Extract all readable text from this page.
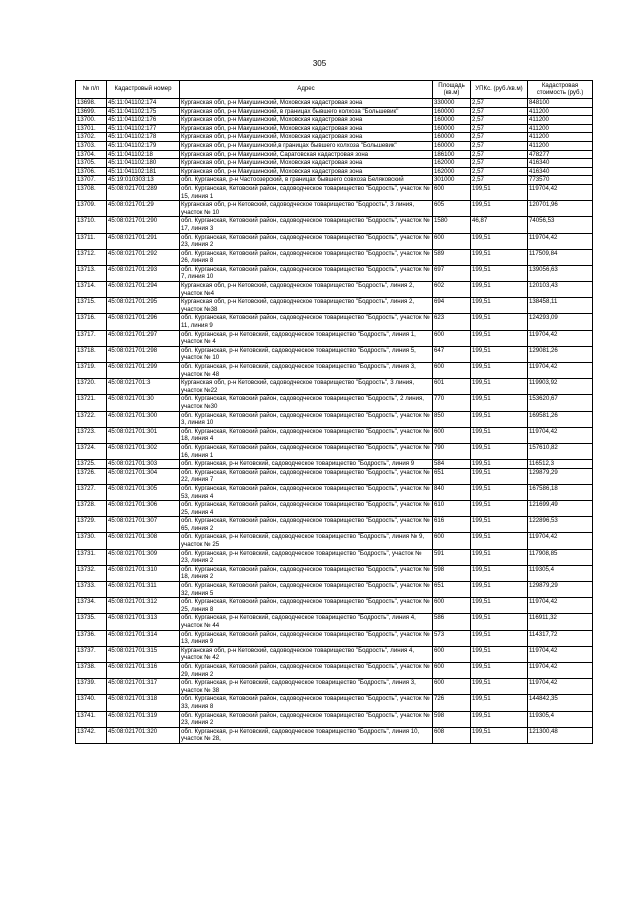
305
№ п/п	Кадастровый номер	Адрес	Площадь (кв.м)	УПКс. (руб./кв.м)	Кадастровая стоимость (руб.)
13698.	45:11:041102:174	Курганская обл, р-н Макушинский, Моховская кадастровая зона	330000	2,57	848100
13699.	45:11:041102:175	Курганская обл, р-н Макушинский, в границах бывшего колхоза "Большевик"	160000	2,57	411200
13700.	45:11:041102:176	Курганская обл, р-н Макушинский, Моховская кадастровая зона	160000	2,57	411200
13701.	45:11:041102:177	Курганская обл, р-н Макушинский, Моховская кадастровая зона	160000	2,57	411200
13702.	45:11:041102:178	Курганская обл, р-н Макушинский, Моховская кадастровая зона	160000	2,57	411200
13703.	45:11:041102:179	Курганская обл, р-н Макушинский,в границах бывшего колхоза "Большевик"	160000	2,57	411200
13704.	45:11:041102:18	Курганская обл, р-н Макушинский, Саратовская кадастровая зона	186100	2,57	478277
13705.	45:11:041102:180	Курганская обл, р-н Макушинский, Моховская кадастровая зона	162000	2,57	416340
13706.	45:11:041102:181	Курганская обл, р-н Макушинский, Моховская кадастровая зона	162000	2,57	416340
13707.	45:19:010303:13	обл. Курганская, р-н Частоозерский, в границах бывшего совхоза Беляковский	301000	2,57	773570
13708.	45:08:021701:289	обл. Курганская, Кетовский район, садоводческое товарищество "Бодрость", участок № 15, линия 1	600	199,51	119704,42
13709.	45:08:021701:29	Курганская обл, р-н Кетовский, садоводческое товарищество "Бодрость", 3 линия, участок № 10	605	199,51	120701,96
13710.	45:08:021701:290	обл. Курганская, Кетовский район, садоводческое товарищество "Бодрость", участок № 17, линия 3	1580	46,87	74056,53
13711.	45:08:021701:291	обл. Курганская, Кетовский район, садоводческое товарищество "Бодрость", участок № 23, линия 2	600	199,51	119704,42
13712.	45:08:021701:292	обл. Курганская, Кетовский район, садоводческое товарищество "Бодрость", участок № 26, линия 8	589	199,51	117509,84
13713.	45:08:021701:293	обл. Курганская, Кетовский район, садоводческое товарищество "Бодрость", участок № 7, линия 10	697	199,51	139056,63
13714.	45:08:021701:294	Курганская обл, р-н Кетовский, садоводческое товарищество "Бодрость", линия 2, участок №4	602	199,51	120103,43
13715.	45:08:021701:295	Курганская обл, р-н Кетовский, садоводческое товарищество "Бодрость", линия 2, участок №38	694	199,51	138458,11
13716.	45:08:021701:296	обл. Курганская, Кетовский район, садоводческое товарищество "Бодрость", участок № 11, линия 9	623	199,51	124293,09
13717.	45:08:021701:297	обл. Курганская, р-н Кетовский, садоводческое товарищество "Бодрость", линия 1, участок № 4	600	199,51	119704,42
13718.	45:08:021701:298	обл. Курганская, р-н Кетовский, садоводческое товарищество "Бодрость", линия 5, участок № 10	647	199,51	129081,26
13719.	45:08:021701:299	обл. Курганская, р-н Кетовский, садоводческое товарищество "Бодрость", линия 3, участок № 48	600	199,51	119704,42
13720.	45:08:021701:3	Курганская обл, р-н Кетовский, садоводческое товарищество "Бодрость", 3 линия, участок №22	601	199,51	119903,92
13721.	45:08:021701:30	обл. Курганская, Кетовский район, садоводческое товарищество "Бодрость", 2 линия, участок №30	770	199,51	153620,67
13722.	45:08:021701:300	обл. Курганская, Кетовский район, садоводческое товарищество "Бодрость", участок № 3, линия 10	850	199,51	169581,26
13723.	45:08:021701:301	обл. Курганская, Кетовский район, садоводческое товарищество "Бодрость", участок № 18, линия 4	600	199,51	119704,42
13724.	45:08:021701:302	обл. Курганская, Кетовский район, садоводческое товарищество "Бодрость", участок № 16, линия 1	790	199,51	157610,82
13725.	45:08:021701:303	обл. Курганская, р-н Кетовский, садоводческое товарищество "Бодрость", линия 9	584	199,51	116512,3
13726.	45:08:021701:304	обл. Курганская, Кетовский район, садоводческое товарищество "Бодрость", участок № 22, линия 7	651	199,51	129879,29
13727.	45:08:021701:305	обл. Курганская, Кетовский район, садоводческое товарищество "Бодрость", участок № 53, линия 4	840	199,51	167586,18
13728.	45:08:021701:306	обл. Курганская, Кетовский район, садоводческое товарищество "Бодрость", участок № 25, линия 4	610	199,51	121699,49
13729.	45:08:021701:307	обл. Курганская, Кетовский район, садоводческое товарищество "Бодрость", участок № 65, линия 2	616	199,51	122896,53
13730.	45:08:021701:308	обл. Курганская, р-н Кетовский, садоводческое товарищество "Бодрость", линия № 9, участок № 25	600	199,51	119704,42
13731.	45:08:021701:309	обл. Курганская, р-н Кетовский, садоводческое товарищество "Бодрость", участок № 23, линия 2	591	199,51	117908,85
13732.	45:08:021701:310	обл. Курганская, Кетовский район, садоводческое товарищество "Бодрость", участок № 18, линия 2	598	199,51	119305,4
13733.	45:08:021701:311	обл. Курганская, Кетовский район, садоводческое товарищество "Бодрость", участок № 32, линия 5	651	199,51	129879,29
13734.	45:08:021701:312	обл. Курганская, Кетовский район, садоводческое товарищество "Бодрость", участок № 25, линия 8	600	199,51	119704,42
13735.	45:08:021701:313	обл. Курганская, р-н Кетовский, садоводческое товарищество "Бодрость", линия 4, участок № 44	586	199,51	116911,32
13736.	45:08:021701:314	обл. Курганская, Кетовский район, садоводческое товарищество "Бодрость", участок № 13, линия 9	573	199,51	114317,72
13737.	45:08:021701:315	Курганская обл, р-н Кетовский, садоводческое товарищество "Бодрость", линия 4, участок № 42	600	199,51	119704,42
13738.	45:08:021701:316	обл. Курганская, Кетовский район, садоводческое товарищество "Бодрость", участок № 29, линия 2	600	199,51	119704,42
13739.	45:08:021701:317	обл. Курганская, р-н Кетовский, садоводческое товарищество "Бодрость", линия 3, участок № 38	600	199,51	119704,42
13740.	45:08:021701:318	обл. Курганская, Кетовский район, садоводческое товарищество "Бодрость", участок № 33, линия 8	726	199,51	144842,35
13741.	45:08:021701:319	обл. Курганская, Кетовский район, садоводческое товарищество "Бодрость", участок № 23, линия 2	598	199,51	119305,4
13742.	45:08:021701:320	обл. Курганская, р-н Кетовский, садоводческое товарищество "Бодрость", линия 10, участок № 28,	608	199,51	121300,48
